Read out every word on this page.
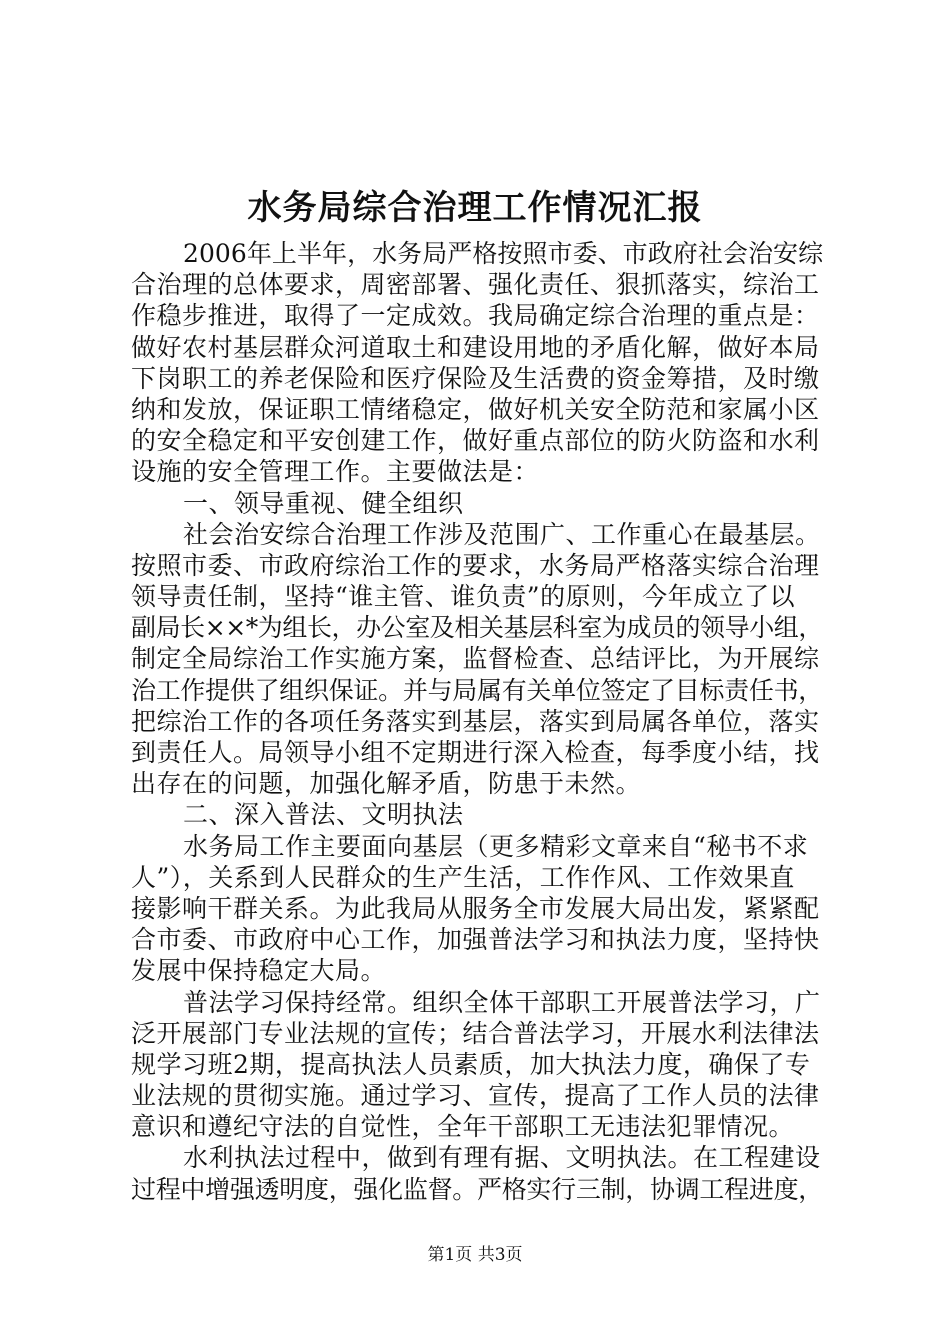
水务局综合治理工作情况汇报
2006年上半年，水务局严格按照市委、市政府社会治安综
合治理的总体要求，周密部署、强化责任、狠抓落实，综治工
作稳步推进，取得了一定成效。我局确定综合治理的重点是：
做好农村基层群众河道取土和建设用地的矛盾化解，做好本局
下岗职工的养老保险和医疗保险及生活费的资金筹措，及时缴
纳和发放，保证职工情绪稳定，做好机关安全防范和家属小区
的安全稳定和平安创建工作，做好重点部位的防火防盗和水利
设施的安全管理工作。主要做法是：
一、领导重视、健全组织
社会治安综合治理工作涉及范围广、工作重心在最基层。
按照市委、市政府综治工作的要求，水务局严格落实综合治理
领导责任制，坚持“谁主管、谁负责”的原则，今年成立了以
副局长××*为组长，办公室及相关基层科室为成员的领导小组，
制定全局综治工作实施方案，监督检查、总结评比，为开展综
治工作提供了组织保证。并与局属有关单位签定了目标责任书，
把综治工作的各项任务落实到基层，落实到局属各单位，落实
到责任人。局领导小组不定期进行深入检查，每季度小结，找
出存在的问题，加强化解矛盾，防患于未然。
二、深入普法、文明执法
水务局工作主要面向基层（更多精彩文章来自“秘书不求
人”），关系到人民群众的生产生活，工作作风、工作效果直
接影响干群关系。为此我局从服务全市发展大局出发，紧紧配
合市委、市政府中心工作，加强普法学习和执法力度，坚持快
发展中保持稳定大局。
普法学习保持经常。组织全体干部职工开展普法学习，广
泛开展部门专业法规的宣传；结合普法学习，开展水利法律法
规学习班2期，提高执法人员素质，加大执法力度，确保了专
业法规的贯彻实施。通过学习、宣传，提高了工作人员的法律
意识和遵纪守法的自觉性，全年干部职工无违法犯罪情况。
水利执法过程中，做到有理有据、文明执法。在工程建设
过程中增强透明度，强化监督。严格实行三制，协调工程进度，
第1页 共3页
